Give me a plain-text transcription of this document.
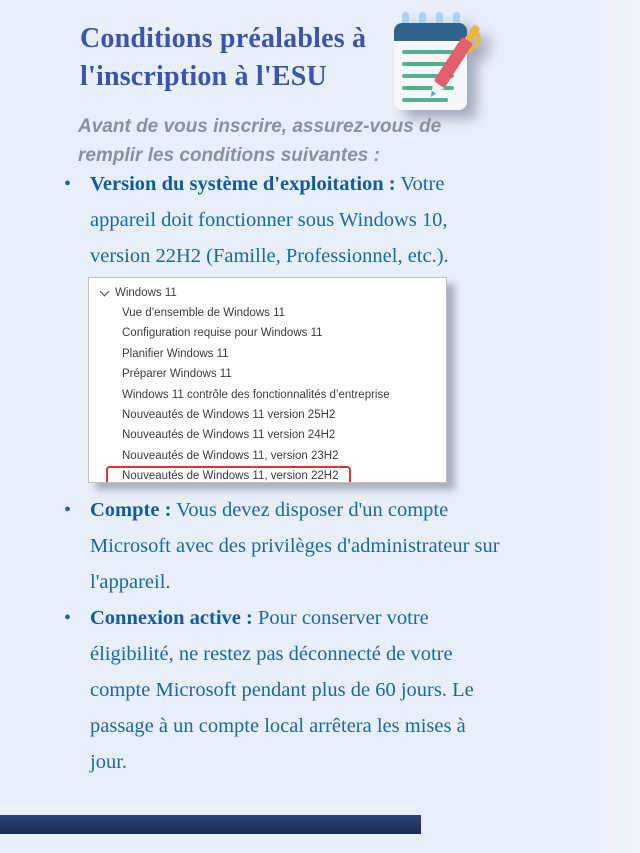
Conditions préalables à
l'inscription à l'ESU

Avant de vous inscrire, assurez-vous de
remplir les conditions suivantes :

• Version du système d'exploitation : Votre appareil doit fonctionner sous Windows 10, version 22H2 (Famille, Professionnel, etc.).
Windows 11
Vue d’ensemble de Windows 11
Configuration requise pour Windows 11
Planifier Windows 11
Préparer Windows 11
Windows 11 contrôle des fonctionnalités d’entreprise
Nouveautés de Windows 11 version 25H2
Nouveautés de Windows 11 version 24H2
Nouveautés de Windows 11, version 23H2
Nouveautés de Windows 11, version 22H2
• Compte : Vous devez disposer d'un compte Microsoft avec des privilèges d'administrateur sur l'appareil.
• Connexion active : Pour conserver votre éligibilité, ne restez pas déconnecté de votre compte Microsoft pendant plus de 60 jours. Le passage à un compte local arrêtera les mises à jour.
